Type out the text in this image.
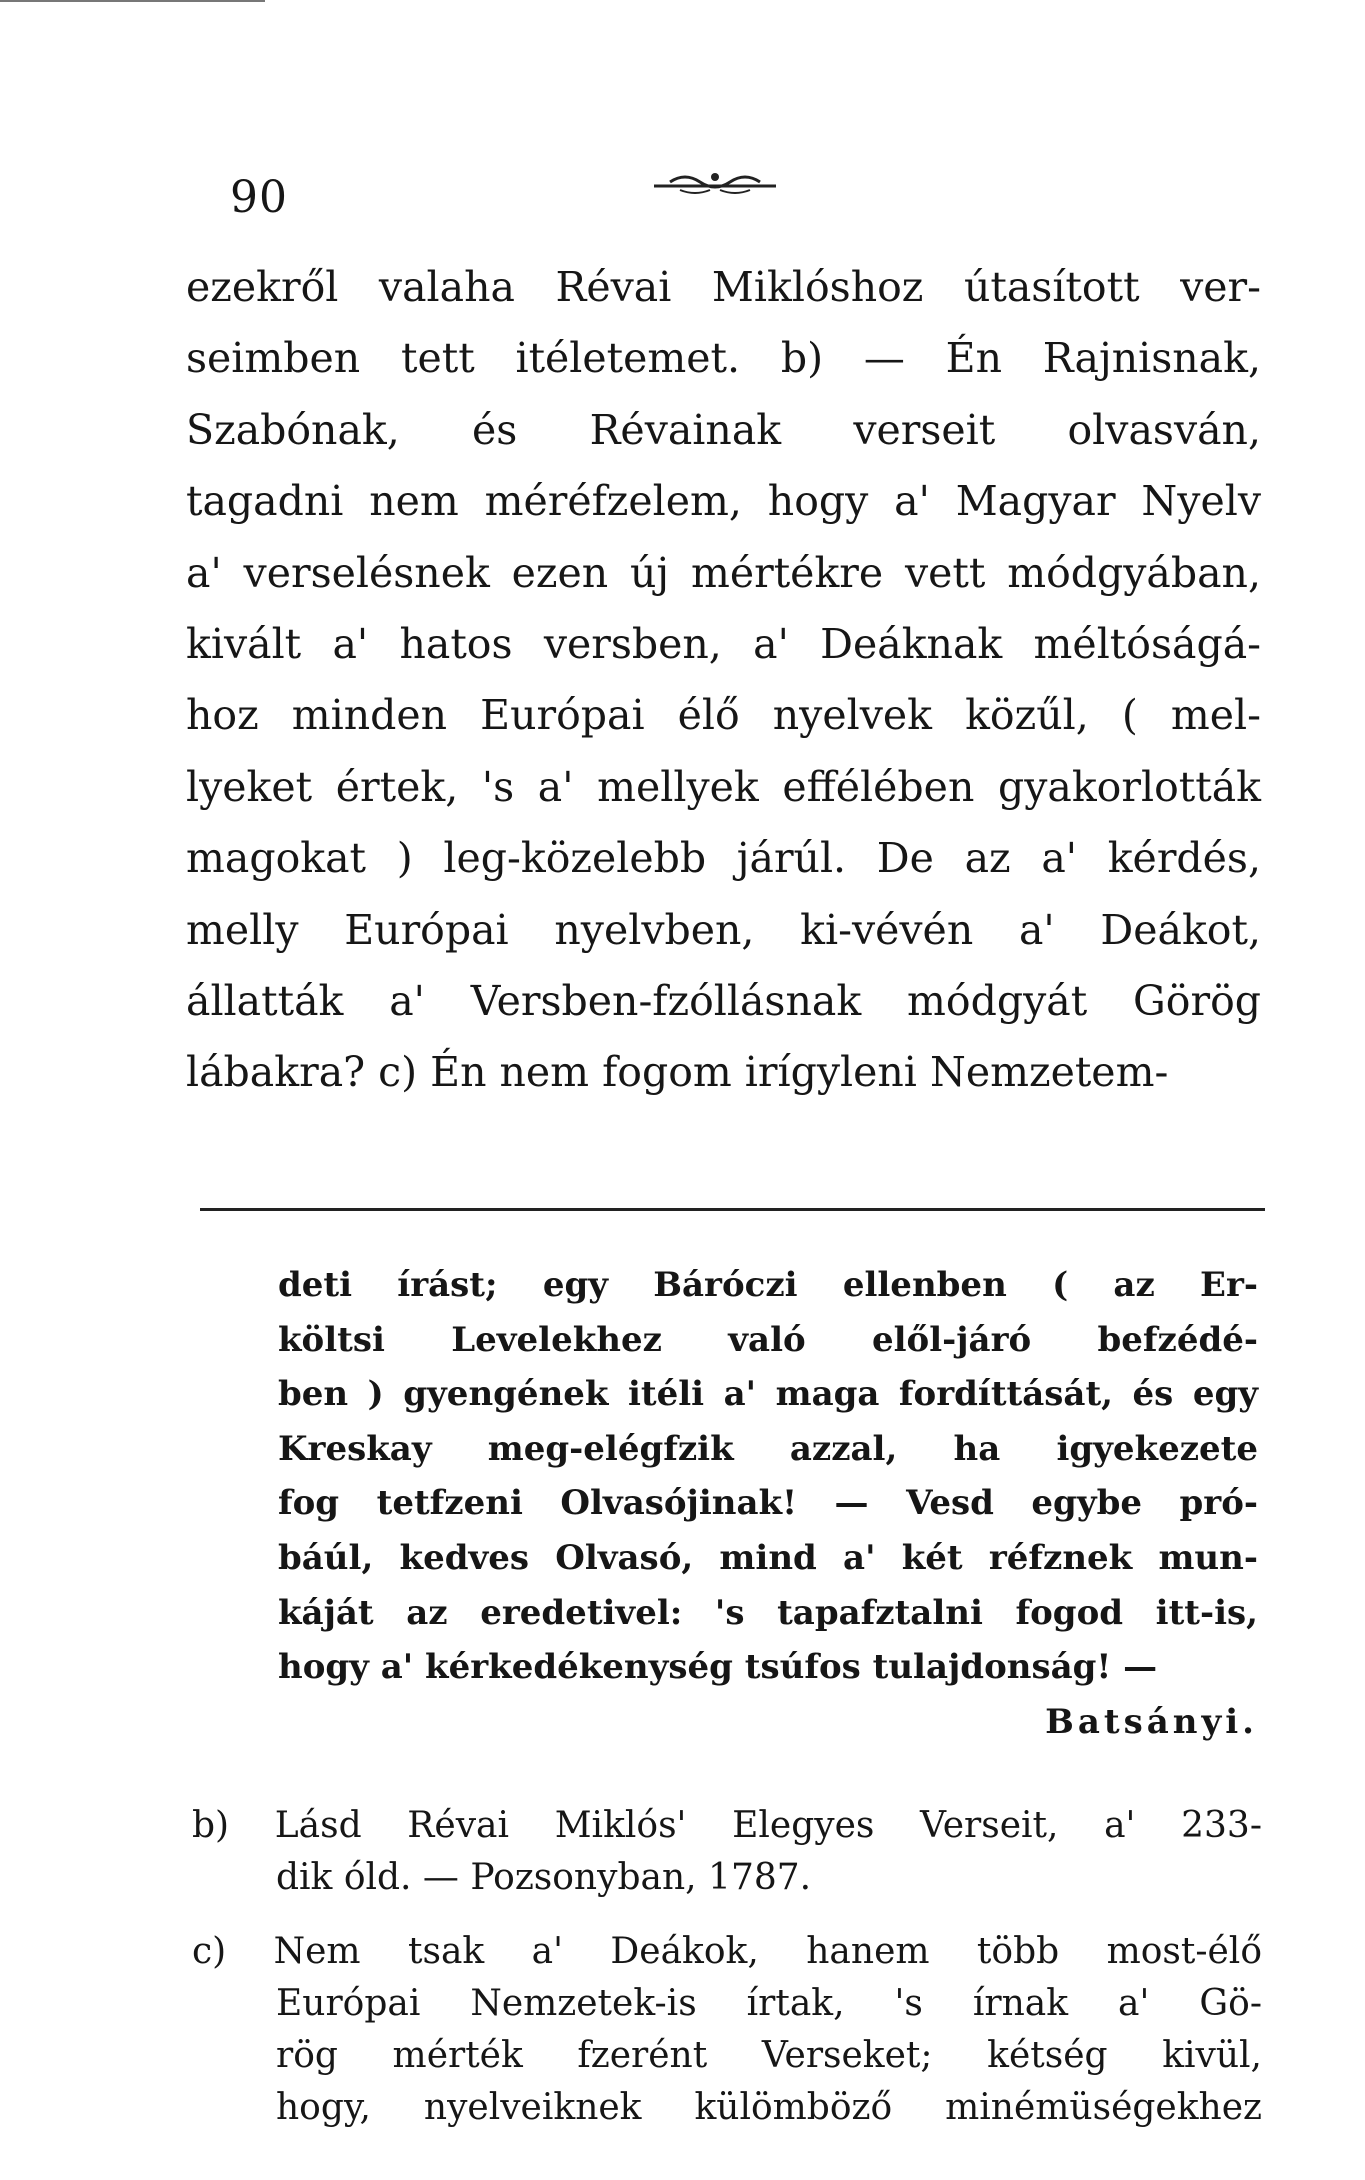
90
ezekről valaha Révai Miklóshoz útasított ver-
seimben tett itéletemet. b) — Én Rajnisnak,
Szabónak, és Révainak verseit olvasván,
tagadni nem méréfzelem, hogy a' Magyar Nyelv
a' verselésnek ezen új mértékre vett módgyában,
kivált a' hatos versben, a' Deáknak méltóságá-
hoz minden Európai élő nyelvek közűl, ( mel-
lyeket értek, 's a' mellyek effélében gyakorlották
magokat ) leg-közelebb járúl. De az a' kérdés,
melly Európai nyelvben, ki-vévén a' Deákot,
állatták a' Versben-fzóllásnak módgyát Görög
lábakra? c) Én nem fogom irígyleni Nemzetem-
deti írást; egy Báróczi ellenben ( az Er-
költsi Levelekhez való elől-járó befzédé-
ben ) gyengének itéli a' maga fordíttását, és egy
Kreskay meg-elégfzik azzal, ha igyekezete
fog tetfzeni Olvasójinak! — Vesd egybe pró-
báúl, kedves Olvasó, mind a' két réfznek mun-
káját az eredetivel: 's tapafztalni fogod itt-is,
hogy a' kérkedékenység tsúfos tulajdonság! —
Batsányi.
b) Lásd Révai Miklós' Elegyes Verseit, a' 233-
dik óld. — Pozsonyban, 1787.
c) Nem tsak a' Deákok, hanem több most-élő
Európai Nemzetek-is írtak, 's írnak a' Gö-
rög mérték fzerént Verseket; kétség kivül,
hogy, nyelveiknek külömböző minémüségekhez
